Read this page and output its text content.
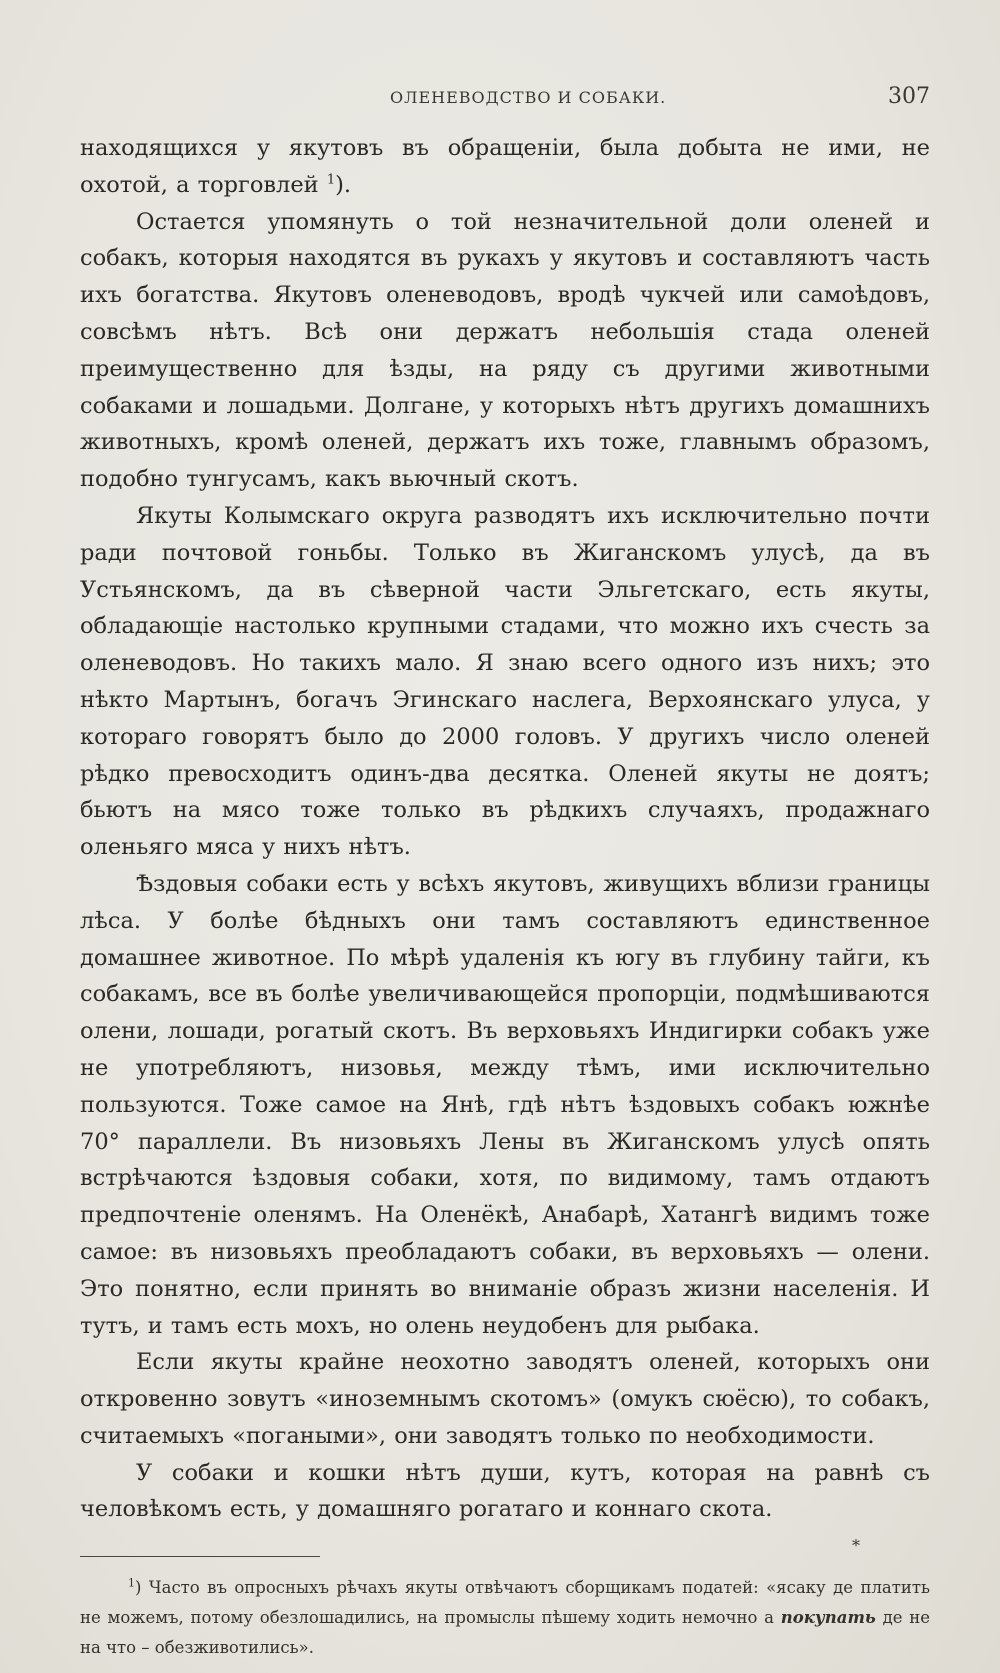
ОЛЕНЕВОДСТВО И СОБАКИ.	307

находящихся у якутовъ въ обращенiи, была добыта не ими, не охотой, а торговлей $^1$).

Остается упомянуть о той незначительной доли оленей и собакъ, которыя находятся въ рукахъ у якутовъ и составляютъ часть ихъ богатства. Якутовъ оленеводовъ, вродѣ чукчей или самоѣдовъ, совсѣмъ нѣтъ. Всѣ они держатъ небольшiя стада оленей преимущественно для ѣзды, на ряду съ другими животными собаками и лошадьми. Долгане, у которыхъ нѣтъ другихъ домашнихъ животныхъ, кромѣ оленей, держатъ ихъ тоже, главнымъ образомъ, подобно тунгусамъ, какъ вьючный скотъ.

Якуты Колымскаго округа разводятъ ихъ исключительно почти ради почтовой гоньбы. Только въ Жиганскомъ улусѣ, да въ Устьянскомъ, да въ сѣверной части Эльгетскаго, есть якуты, обладающiе настолько крупными стадами, что можно ихъ счесть за оленеводовъ. Но такихъ мало. Я знаю всего одного изъ нихъ; это нѣкто Мартынъ, богачъ Эгинскаго наслега, Верхоянскаго улуса, у котораго говорятъ было до 2000 головъ. У другихъ число оленей рѣдко превосходитъ одинъ-два десятка. Оленей якуты не доятъ; бьютъ на мясо тоже только въ рѣдкихъ случаяхъ, продажнаго оленьяго мяса у нихъ нѣтъ.

Ѣздовыя собаки есть у всѣхъ якутовъ, живущихъ вблизи границы лѣса. У болѣе бѣдныхъ они тамъ составляютъ единственное домашнее животное. По мѣрѣ удаленiя къ югу въ глубину тайги, къ собакамъ, все въ болѣе увеличивающейся пропорцiи, подмѣшиваются олени, лошади, рогатый скотъ. Въ верховьяхъ Индигирки собакъ уже не употребляютъ, низовья, между тѣмъ, ими исключительно пользуются. Тоже самое на Янѣ, гдѣ нѣтъ ѣздовыхъ собакъ южнѣе 70° параллели. Въ низовьяхъ Лены въ Жиганскомъ улусѣ опять встрѣчаются ѣздовыя собаки, хотя, по видимому, тамъ отдаютъ предпочтенiе оленямъ. На Оленёкѣ, Анабарѣ, Хатангѣ видимъ тоже самое: въ низовьяхъ преобладаютъ собаки, въ верховьяхъ — олени. Это понятно, если принять во вниманiе образъ жизни населенiя. И тутъ, и тамъ есть мохъ, но олень неудобенъ для рыбака.

Если якуты крайне неохотно заводятъ оленей, которыхъ они откровенно зовутъ «иноземнымъ скотомъ» (омукъ сюёсю), то собакъ, считаемыхъ «погаными», они заводятъ только по необходимости.

У собаки и кошки нѣтъ души, кутъ, которая на равнѣ съ человѣкомъ есть, у домашняго рогатаго и коннаго скота.

$^1$) Часто въ опросныхъ рѣчахъ якуты отвѣчаютъ сборщикамъ податей: «ясаку де платить не можемъ, потому обезлошадились, на промыслы пѣшему ходить немочно а покупать де не на что – обезживотились».

*
